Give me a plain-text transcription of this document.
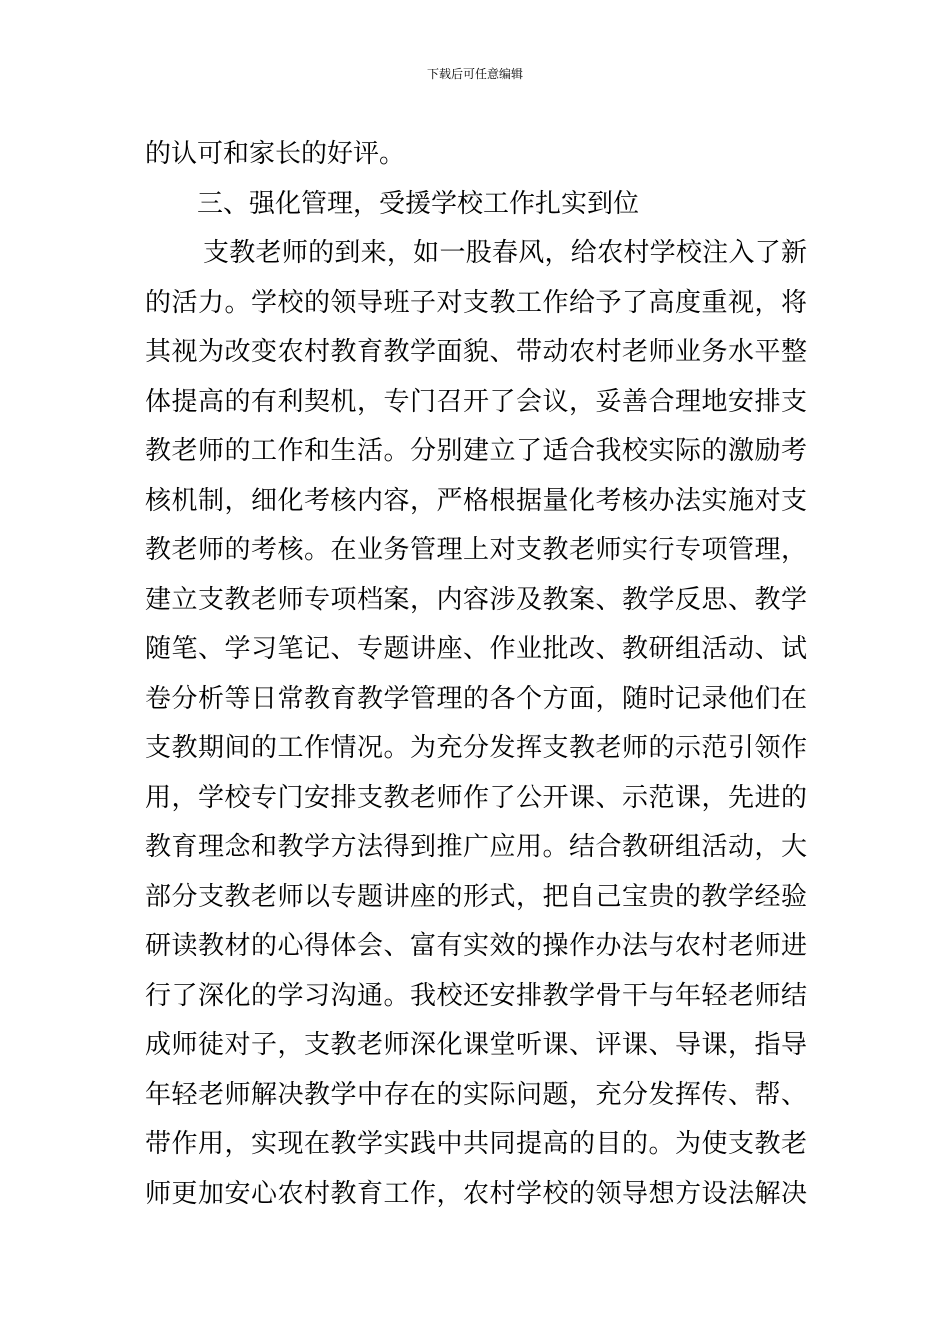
下载后可任意编辑
的认可和家长的好评。
三、强化管理，受援学校工作扎实到位
支教老师的到来，如一股春风，给农村学校注入了新
的活力。学校的领导班子对支教工作给予了高度重视，将
其视为改变农村教育教学面貌、带动农村老师业务水平整
体提高的有利契机，专门召开了会议，妥善合理地安排支
教老师的工作和生活。分别建立了适合我校实际的激励考
核机制，细化考核内容，严格根据量化考核办法实施对支
教老师的考核。在业务管理上对支教老师实行专项管理，
建立支教老师专项档案，内容涉及教案、教学反思、教学
随笔、学习笔记、专题讲座、作业批改、教研组活动、试
卷分析等日常教育教学管理的各个方面，随时记录他们在
支教期间的工作情况。为充分发挥支教老师的示范引领作
用，学校专门安排支教老师作了公开课、示范课，先进的
教育理念和教学方法得到推广应用。结合教研组活动，大
部分支教老师以专题讲座的形式，把自己宝贵的教学经验
研读教材的心得体会、富有实效的操作办法与农村老师进
行了深化的学习沟通。我校还安排教学骨干与年轻老师结
成师徒对子，支教老师深化课堂听课、评课、导课，指导
年轻老师解决教学中存在的实际问题，充分发挥传、帮、
带作用，实现在教学实践中共同提高的目的。为使支教老
师更加安心农村教育工作，农村学校的领导想方设法解决
